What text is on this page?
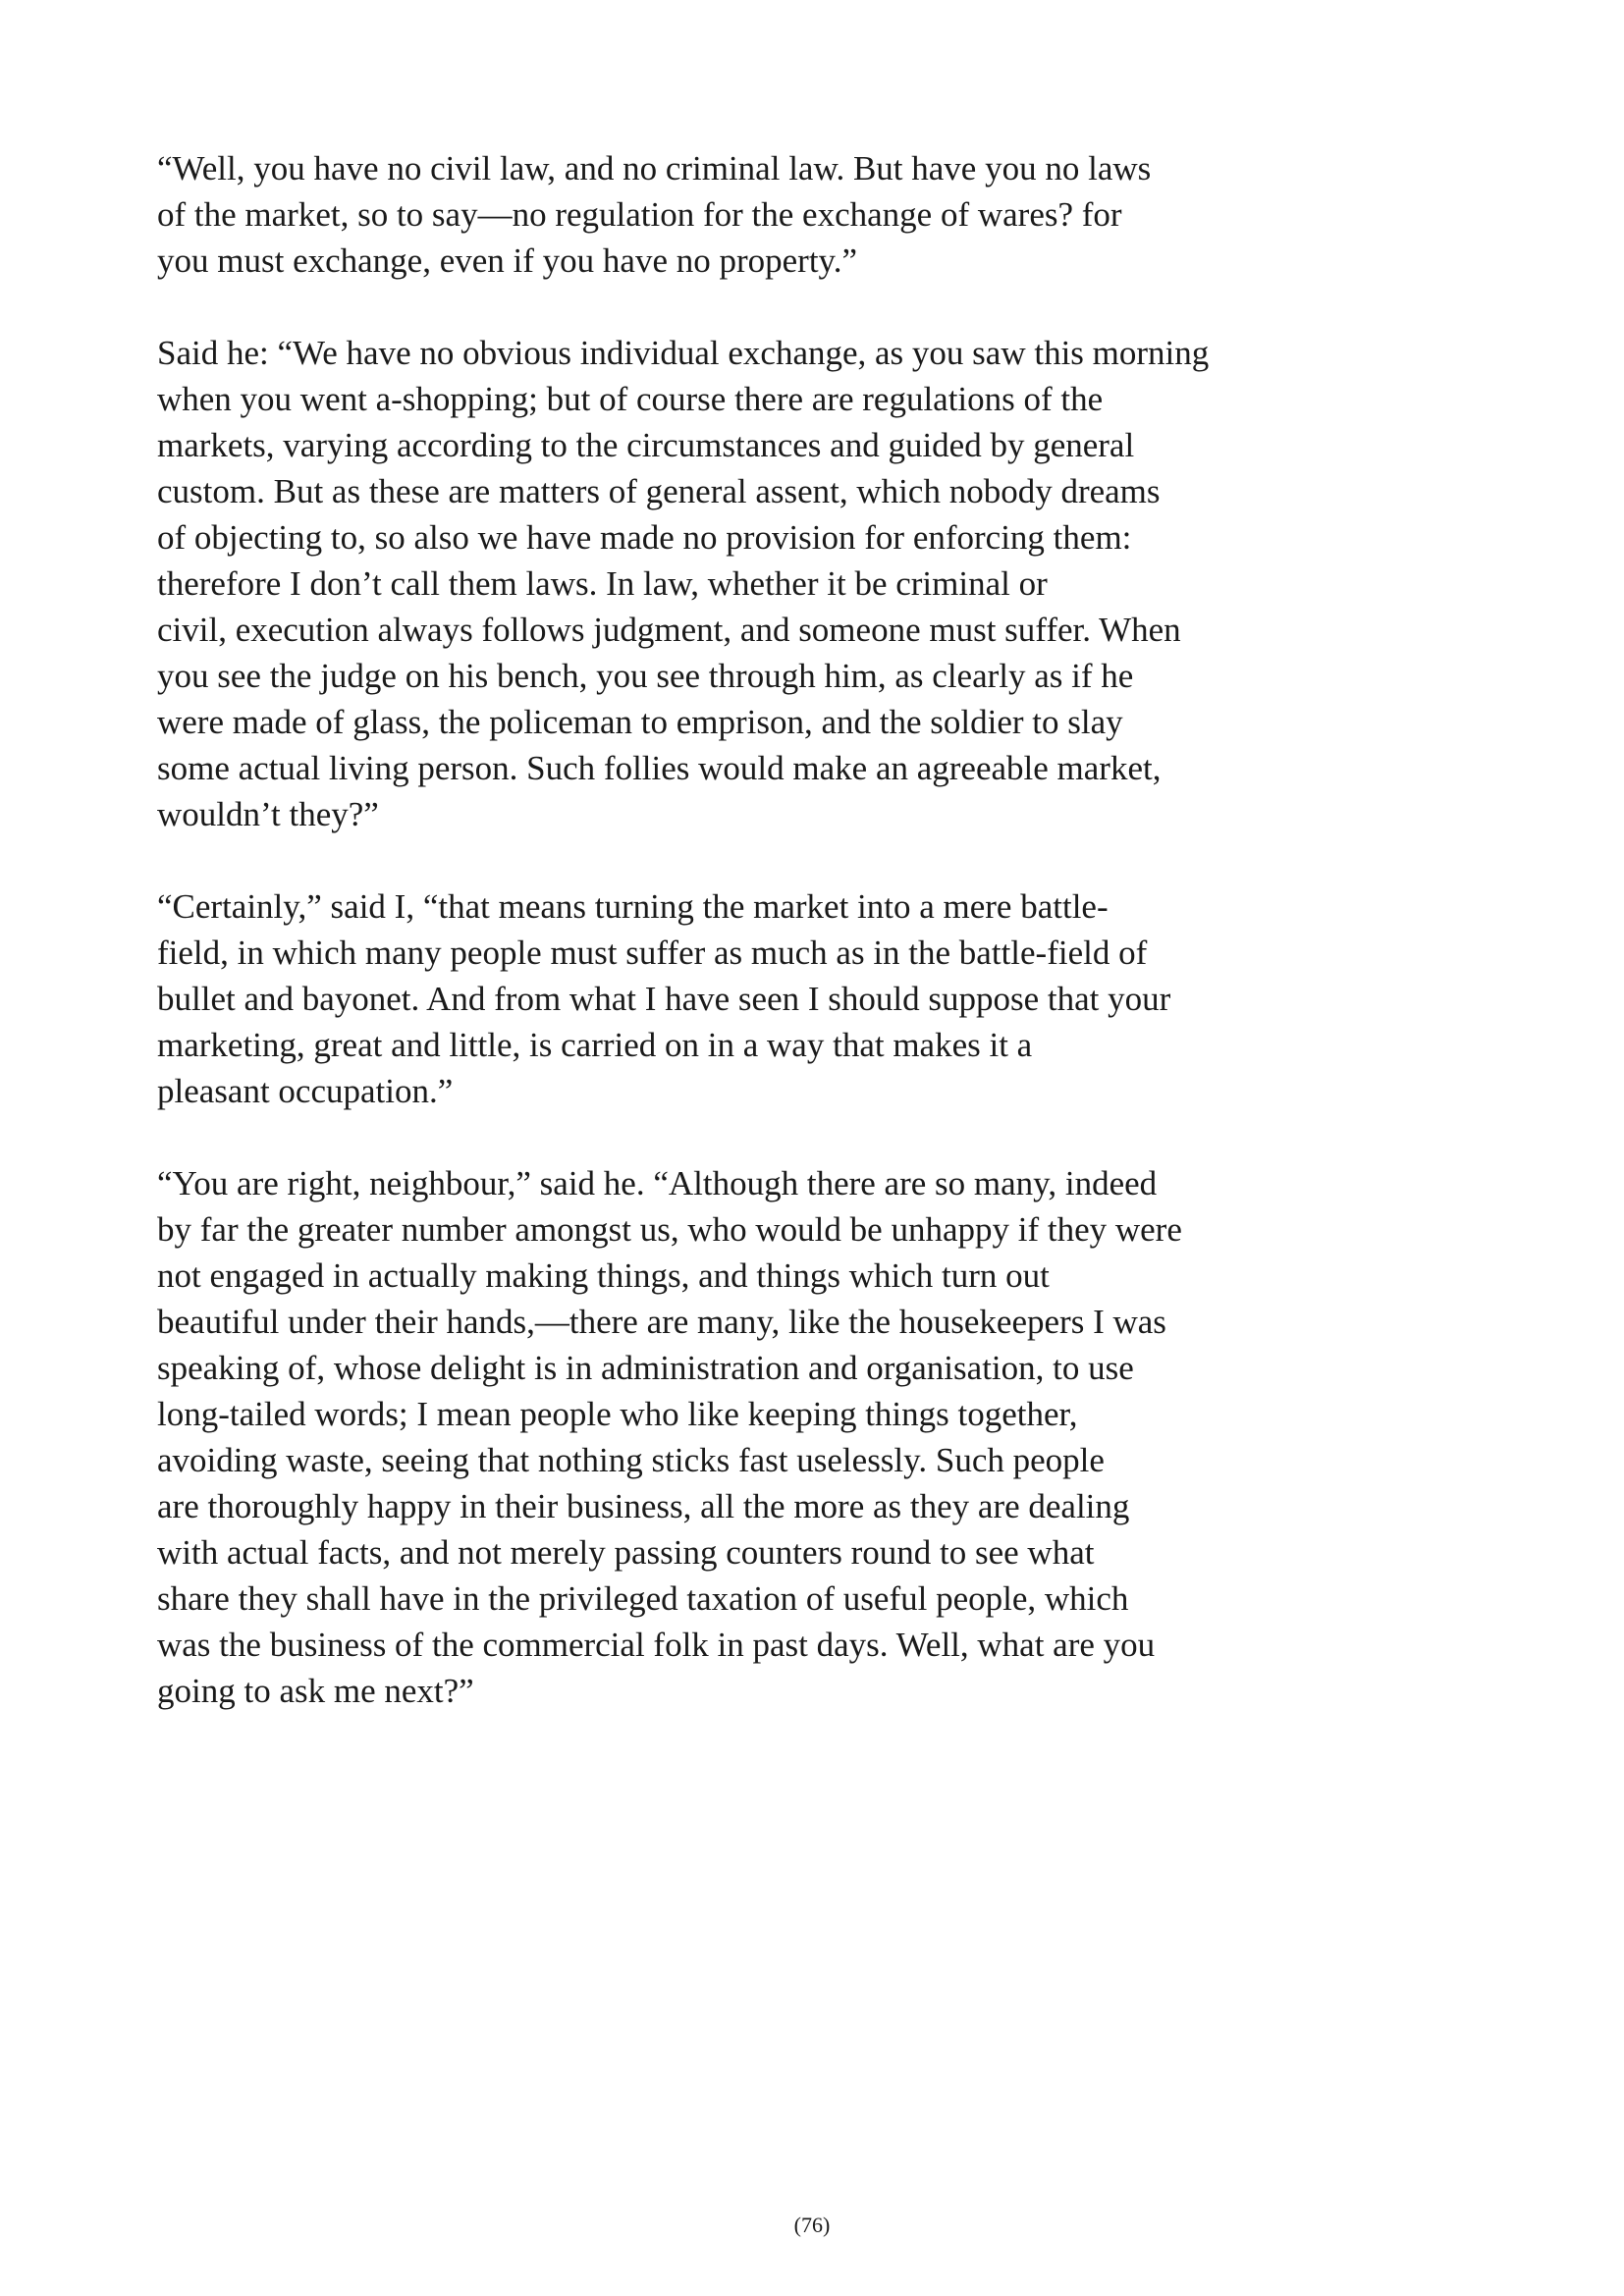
“Well, you have no civil law, and no criminal law. But have you no laws
of the market, so to say—no regulation for the exchange of wares? for
you must exchange, even if you have no property.”
Said he: “We have no obvious individual exchange, as you saw this morning
when you went a-shopping; but of course there are regulations of the
markets, varying according to the circumstances and guided by general
custom. But as these are matters of general assent, which nobody dreams
of objecting to, so also we have made no provision for enforcing them:
therefore I don’t call them laws. In law, whether it be criminal or
civil, execution always follows judgment, and someone must suffer. When
you see the judge on his bench, you see through him, as clearly as if he
were made of glass, the policeman to emprison, and the soldier to slay
some actual living person. Such follies would make an agreeable market,
wouldn’t they?”
“Certainly,” said I, “that means turning the market into a mere battle-
field, in which many people must suffer as much as in the battle-field of
bullet and bayonet. And from what I have seen I should suppose that your
marketing, great and little, is carried on in a way that makes it a
pleasant occupation.”
“You are right, neighbour,” said he. “Although there are so many, indeed
by far the greater number amongst us, who would be unhappy if they were
not engaged in actually making things, and things which turn out
beautiful under their hands,—there are many, like the housekeepers I was
speaking of, whose delight is in administration and organisation, to use
long-tailed words; I mean people who like keeping things together,
avoiding waste, seeing that nothing sticks fast uselessly. Such people
are thoroughly happy in their business, all the more as they are dealing
with actual facts, and not merely passing counters round to see what
share they shall have in the privileged taxation of useful people, which
was the business of the commercial folk in past days. Well, what are you
going to ask me next?”
(76)
